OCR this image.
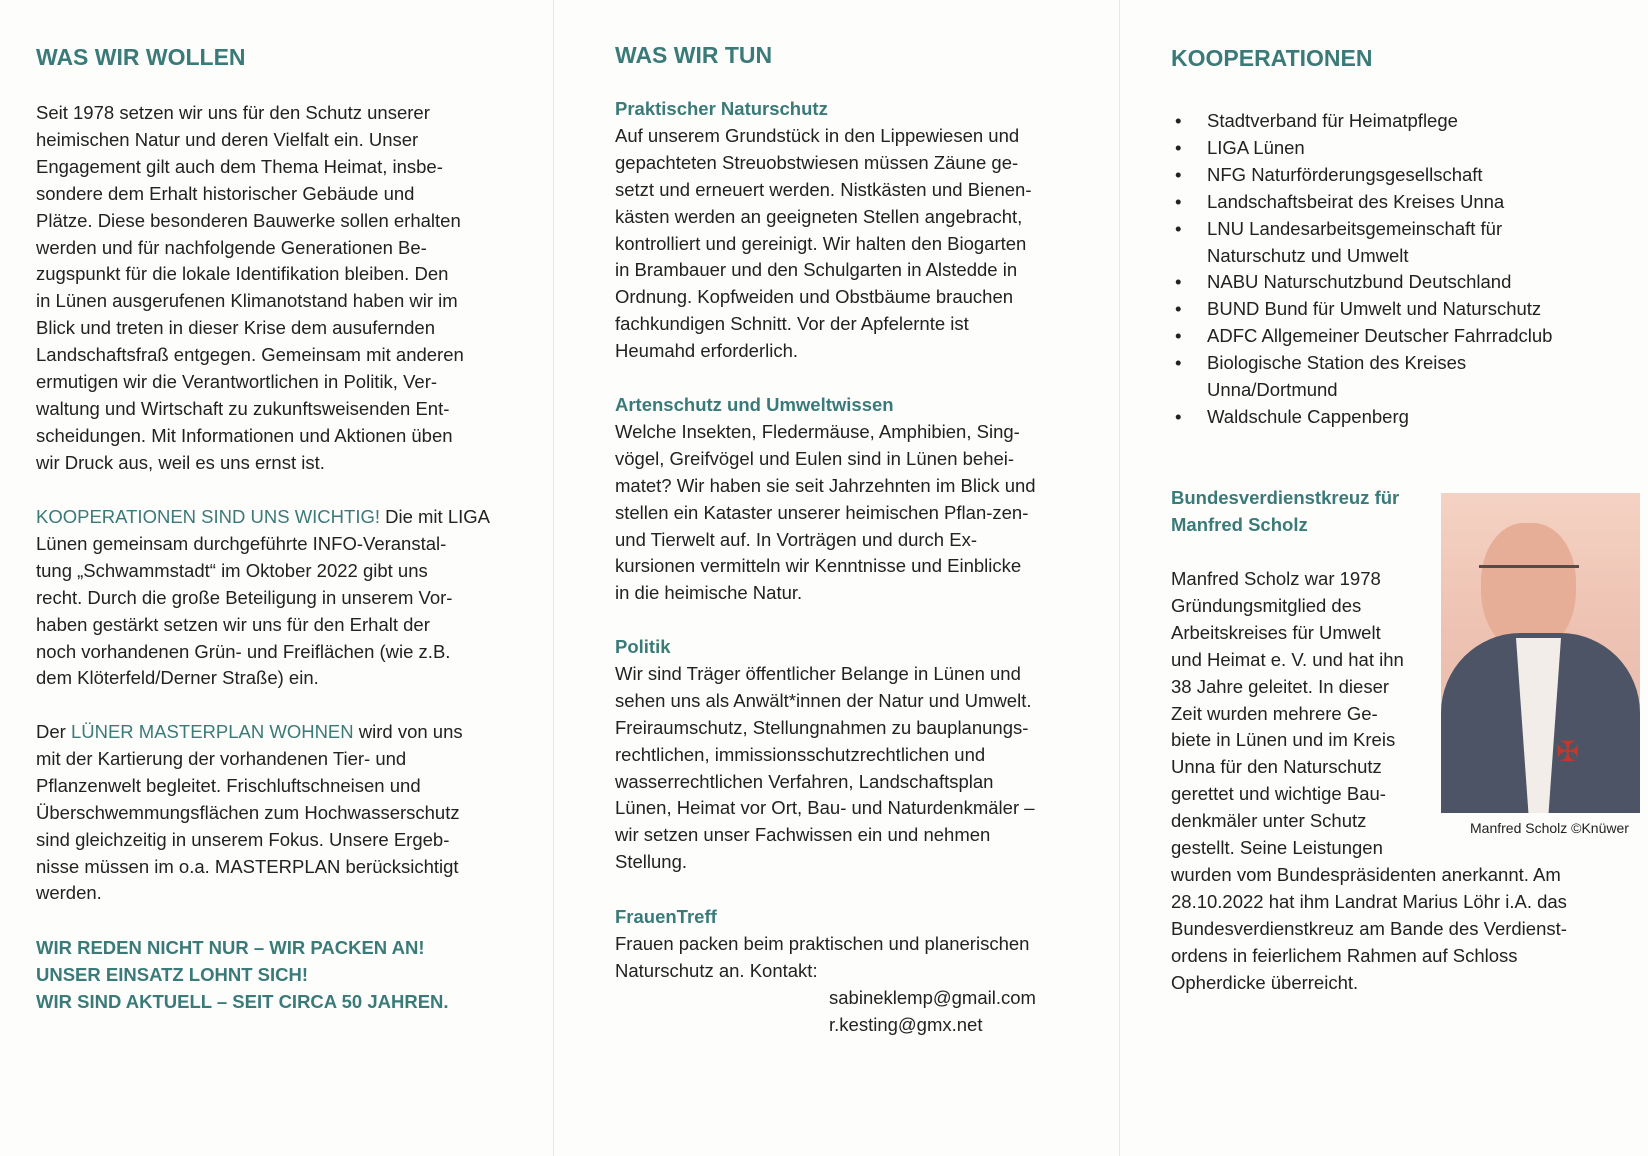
WAS WIR WOLLEN
Seit 1978 setzen wir uns für den Schutz unserer
heimischen Natur und deren Vielfalt ein. Unser
Engagement gilt auch dem Thema Heimat, insbe-
sondere dem Erhalt historischer Gebäude und
Plätze. Diese besonderen Bauwerke sollen erhalten
werden und für nachfolgende Generationen Be-
zugspunkt für die lokale Identifikation bleiben. Den
in Lünen ausgerufenen Klimanotstand haben wir im
Blick und treten in dieser Krise dem ausufernden
Landschaftsfraß entgegen. Gemeinsam mit anderen
ermutigen wir die Verantwortlichen in Politik, Ver-
waltung und Wirtschaft zu zukunftsweisenden Ent-
scheidungen. Mit Informationen und Aktionen üben
wir Druck aus, weil es uns ernst ist.
KOOPERATIONEN SIND UNS WICHTIG! Die mit LIGA
Lünen gemeinsam durchgeführte INFO-Veranstal-
tung „Schwammstadt“ im Oktober 2022 gibt uns
recht. Durch die große Beteiligung in unserem Vor-
haben gestärkt setzen wir uns für den Erhalt der
noch vorhandenen Grün- und Freiflächen (wie z.B.
dem Klöterfeld/Derner Straße) ein.
Der LÜNER MASTERPLAN WOHNEN wird von uns
mit der Kartierung der vorhandenen Tier- und
Pflanzenwelt begleitet. Frischluftschneisen und
Überschwemmungsflächen zum Hochwasserschutz
sind gleichzeitig in unserem Fokus. Unsere Ergeb-
nisse müssen im o.a. MASTERPLAN berücksichtigt
werden.
WIR REDEN NICHT NUR – WIR PACKEN AN!
UNSER EINSATZ LOHNT SICH!
WIR SIND AKTUELL – SEIT CIRCA 50 JAHREN.
WAS WIR TUN
Praktischer Naturschutz
Auf unserem Grundstück in den Lippewiesen und
gepachteten Streuobstwiesen müssen Zäune ge-
setzt und erneuert werden. Nistkästen und Bienen-
kästen werden an geeigneten Stellen angebracht,
kontrolliert und gereinigt. Wir halten den Biogarten
in Brambauer und den Schulgarten in Alstedde in
Ordnung. Kopfweiden und Obstbäume brauchen
fachkundigen Schnitt. Vor der Apfelernte ist
Heumahd erforderlich.
Artenschutz und Umweltwissen
Welche Insekten, Fledermäuse, Amphibien, Sing-
vögel, Greifvögel und Eulen sind in Lünen behei-
matet? Wir haben sie seit Jahrzehnten im Blick und
stellen ein Kataster unserer heimischen Pflan-zen-
und Tierwelt auf. In Vorträgen und durch Ex-
kursionen vermitteln wir Kenntnisse und Einblicke
in die heimische Natur.
Politik
Wir sind Träger öffentlicher Belange in Lünen und
sehen uns als Anwält*innen der Natur und Umwelt.
Freiraumschutz, Stellungnahmen zu bauplanungs-
rechtlichen, immissionsschutzrechtlichen und
wasserrechtlichen Verfahren, Landschaftsplan
Lünen, Heimat vor Ort, Bau- und Naturdenkmäler –
wir setzen unser Fachwissen ein und nehmen
Stellung.
FrauenTreff
Frauen packen beim praktischen und planerischen
Naturschutz an. Kontakt:
sabineklemp@gmail.com
r.kesting@gmx.net
KOOPERATIONEN
• Stadtverband für Heimatpflege
• LIGA Lünen
• NFG Naturförderungsgesellschaft
• Landschaftsbeirat des Kreises Unna
• LNU Landesarbeitsgemeinschaft für
Naturschutz und Umwelt
• NABU Naturschutzbund Deutschland
• BUND Bund für Umwelt und Naturschutz
• ADFC Allgemeiner Deutscher Fahrradclub
• Biologische Station des Kreises
Unna/Dortmund
• Waldschule Cappenberg
Bundesverdienstkreuz für
Manfred Scholz
Manfred Scholz war 1978
Gründungsmitglied des
Arbeitskreises für Umwelt
und Heimat e. V. und hat ihn
38 Jahre geleitet. In dieser
Zeit wurden mehrere Ge-
biete in Lünen und im Kreis
Unna für den Naturschutz
gerettet und wichtige Bau-
denkmäler unter Schutz
gestellt. Seine Leistungen
wurden vom Bundespräsidenten anerkannt. Am
28.10.2022 hat ihm Landrat Marius Löhr i.A. das
Bundesverdienstkreuz am Bande des Verdienst-
ordens in feierlichem Rahmen auf Schloss
Opherdicke überreicht.
✠
Manfred Scholz ©Knüwer
